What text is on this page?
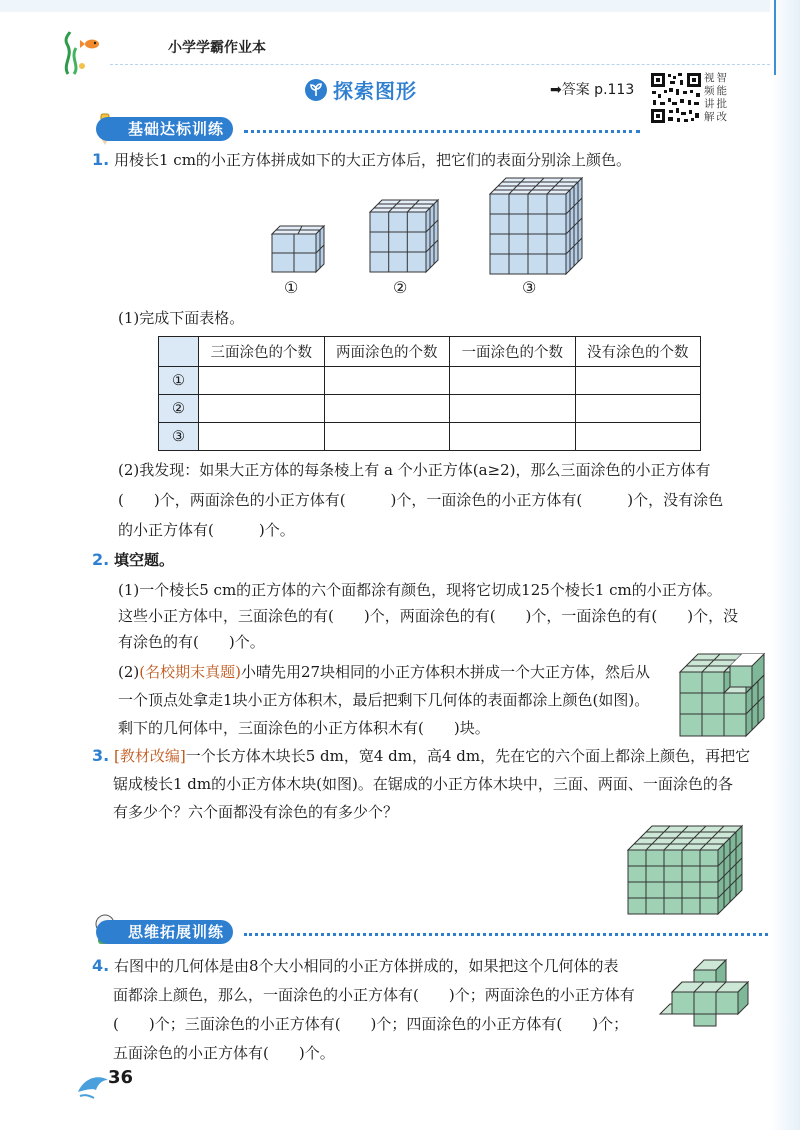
小学学霸作业本
探索图形	➡答案 p.113
视 智
频 能
讲 批
解 改
基础达标训练
1. 用棱长1 cm的小正方体拼成如下的大正方体后，把它们的表面分别涂上颜色。
①	②	③
(1)完成下面表格。
	三面涂色的个数	两面涂色的个数	一面涂色的个数	没有涂色的个数
①				
②				
③				
(2)我发现：如果大正方体的每条棱上有 a 个小正方体(a≥2)，那么三面涂色的小正方体有
(　　)个，两面涂色的小正方体有(　　　)个，一面涂色的小正方体有(　　　)个，没有涂色
的小正方体有(　　　)个。
2. 填空题。
(1)一个棱长5 cm的正方体的六个面都涂有颜色，现将它切成125个棱长1 cm的小正方体。
这些小正方体中，三面涂色的有(　　)个，两面涂色的有(　　)个，一面涂色的有(　　)个，没
有涂色的有(　　)个。
(2)(名校期末真题)小晴先用27块相同的小正方体积木拼成一个大正方体，然后从
一个顶点处拿走1块小正方体积木，最后把剩下几何体的表面都涂上颜色(如图)。
剩下的几何体中，三面涂色的小正方体积木有(　　)块。
3. [教材改编]一个长方体木块长5 dm，宽4 dm，高4 dm，先在它的六个面上都涂上颜色，再把它
锯成棱长1 dm的小正方体木块(如图)。在锯成的小正方体木块中，三面、两面、一面涂色的各
有多少个？六个面都没有涂色的有多少个？
思维拓展训练
4. 右图中的几何体是由8个大小相同的小正方体拼成的，如果把这个几何体的表
面都涂上颜色，那么，一面涂色的小正方体有(　　)个；两面涂色的小正方体有
(　　)个；三面涂色的小正方体有(　　)个；四面涂色的小正方体有(　　)个；
五面涂色的小正方体有(　　)个。
36
